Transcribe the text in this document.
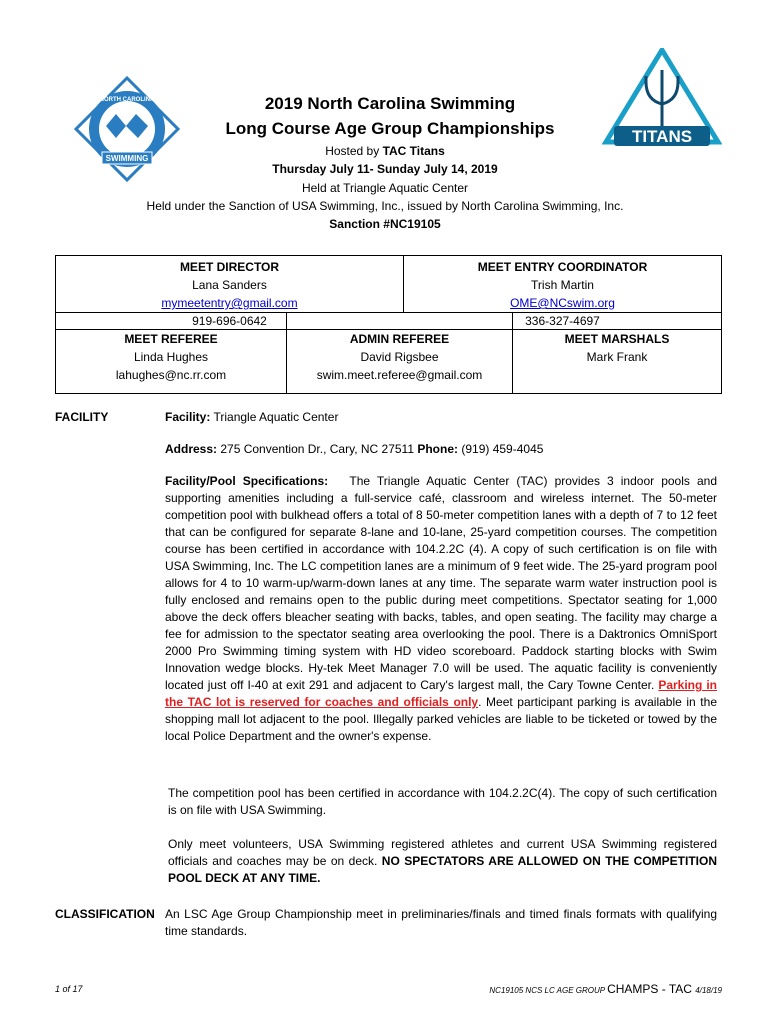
SWIMMING
NORTH CAROLINA
TITANS
2019 North Carolina Swimming
Long Course Age Group Championships
Hosted by TAC Titans
Thursday July 11- Sunday July 14, 2019
Held at Triangle Aquatic Center
Held under the Sanction of USA Swimming, Inc., issued by North Carolina Swimming, Inc.
Sanction #NC19105
MEET DIRECTOR
Lana Sanders
mymeetentry@gmail.com
919-696-0642
MEET ENTRY COORDINATOR
Trish Martin
OME@NCswim.org
336-327-4697
MEET REFEREE
Linda Hughes
lahughes@nc.rr.com
ADMIN REFEREE
David Rigsbee
swim.meet.referee@gmail.com
MEET MARSHALS
Mark Frank
FACILITY	Facility: Triangle Aquatic Center
Address: 275 Convention Dr., Cary, NC 27511 Phone: (919) 459-4045
Facility/Pool Specifications: The Triangle Aquatic Center (TAC) provides 3 indoor pools and supporting amenities including a full-service café, classroom and wireless internet. The 50-meter competition pool with bulkhead offers a total of 8 50-meter competition lanes with a depth of 7 to 12 feet that can be configured for separate 8-lane and 10-lane, 25-yard competition courses. The competition course has been certified in accordance with 104.2.2C (4). A copy of such certification is on file with USA Swimming, Inc. The LC competition lanes are a minimum of 9 feet wide. The 25-yard program pool allows for 4 to 10 warm-up/warm-down lanes at any time. The separate warm water instruction pool is fully enclosed and remains open to the public during meet competitions. Spectator seating for 1,000 above the deck offers bleacher seating with backs, tables, and open seating. The facility may charge a fee for admission to the spectator seating area overlooking the pool. There is a Daktronics OmniSport 2000 Pro Swimming timing system with HD video scoreboard. Paddock starting blocks with Swim Innovation wedge blocks. Hy-tek Meet Manager 7.0 will be used. The aquatic facility is conveniently located just off I-40 at exit 291 and adjacent to Cary's largest mall, the Cary Towne Center. Parking in the TAC lot is reserved for coaches and officials only. Meet participant parking is available in the shopping mall lot adjacent to the pool. Illegally parked vehicles are liable to be ticketed or towed by the local Police Department and the owner's expense.
The competition pool has been certified in accordance with 104.2.2C(4). The copy of such certification is on file with USA Swimming.
Only meet volunteers, USA Swimming registered athletes and current USA Swimming registered officials and coaches may be on deck. NO SPECTATORS ARE ALLOWED ON THE COMPETITION POOL DECK AT ANY TIME.
CLASSIFICATION An LSC Age Group Championship meet in preliminaries/finals and timed finals formats with qualifying time standards.
1 of 17	NC19105 NCS LC AGE GROUP CHAMPS - TAC 4/18/19
